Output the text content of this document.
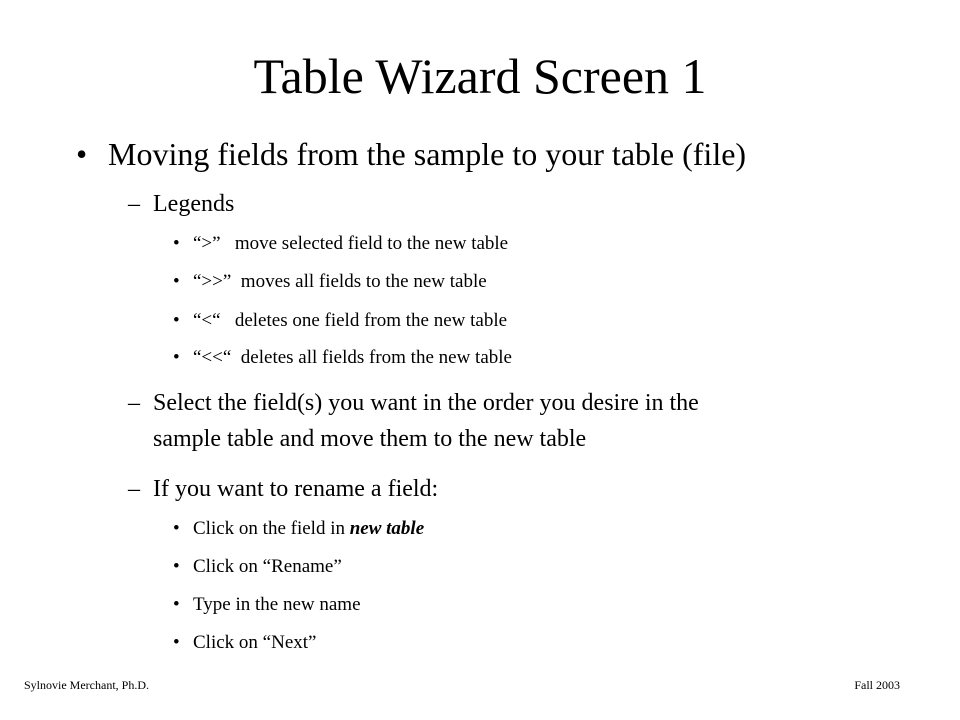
Table Wizard Screen 1
• Moving fields from the sample to your table (file)
– Legends
• “>”   move selected field to the new table
• “>>”  moves all fields to the new table
• “<“   deletes one field from the new table
• “<<“  deletes all fields from the new table
– Select the field(s) you want in the order you desire in the
sample table and move them to the new table
– If you want to rename a field:
• Click on the field in new table
• Click on “Rename”
• Type in the new name
• Click on “Next”
Sylnovie Merchant, Ph.D.	Fall 2003
